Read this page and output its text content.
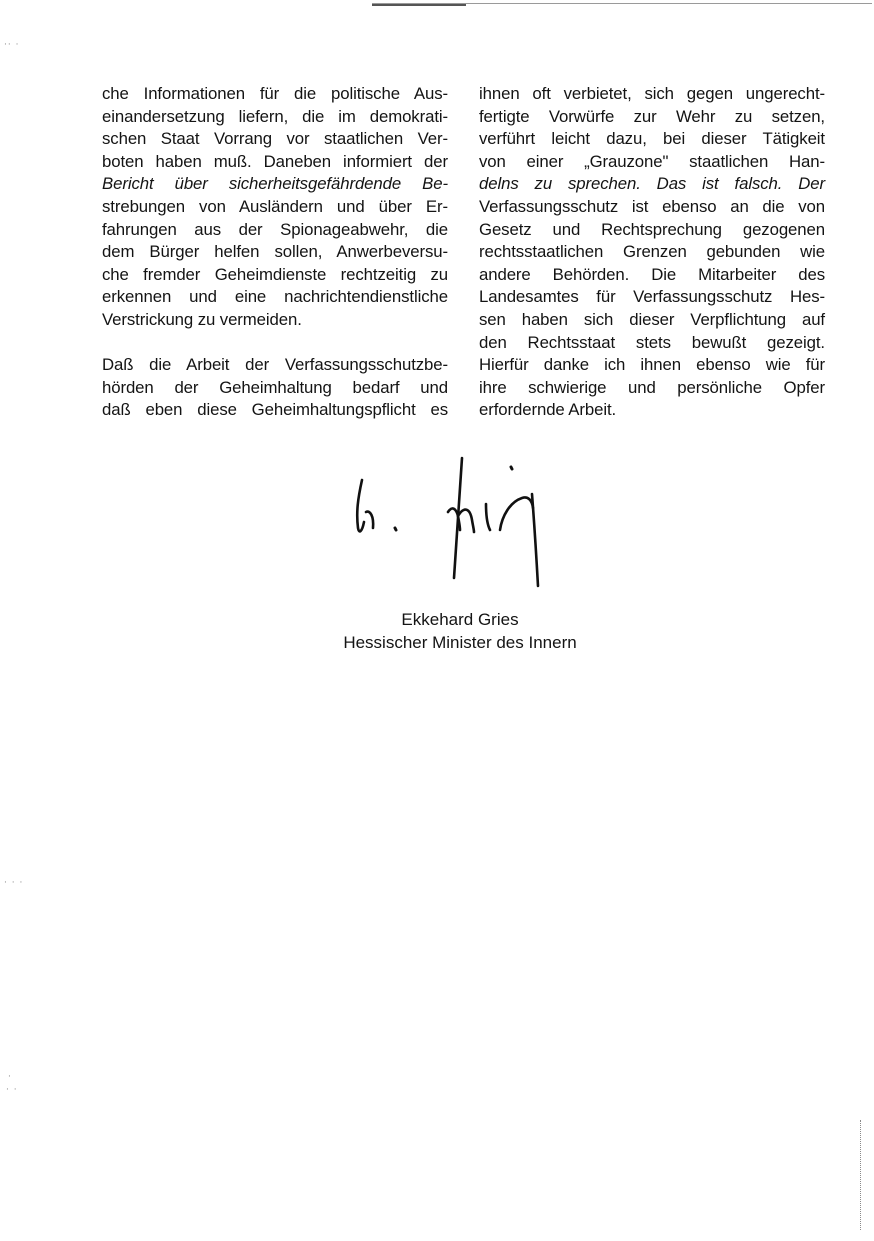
·· ·
· · ·
·
· ·
che Informationen für die politische Aus-
einandersetzung liefern, die im demokrati-
schen Staat Vorrang vor staatlichen Ver-
boten haben muß. Daneben informiert der
Bericht über sicherheitsgefährdende Be-
strebungen von Ausländern und über Er-
fahrungen aus der Spionageabwehr, die
dem Bürger helfen sollen, Anwerbeversu-
che fremder Geheimdienste rechtzeitig zu
erkennen und eine nachrichtendienstliche
Verstrickung zu vermeiden.
Daß die Arbeit der Verfassungsschutzbe-
hörden der Geheimhaltung bedarf und
daß eben diese Geheimhaltungspflicht es
ihnen oft verbietet, sich gegen ungerecht-
fertigte Vorwürfe zur Wehr zu setzen,
verführt leicht dazu, bei dieser Tätigkeit
von einer „Grauzone" staatlichen Han-
delns zu sprechen. Das ist falsch. Der
Verfassungsschutz ist ebenso an die von
Gesetz und Rechtsprechung gezogenen
rechtsstaatlichen Grenzen gebunden wie
andere Behörden. Die Mitarbeiter des
Landesamtes für Verfassungsschutz Hes-
sen haben sich dieser Verpflichtung auf
den Rechtsstaat stets bewußt gezeigt.
Hierfür danke ich ihnen ebenso wie für
ihre schwierige und persönliche Opfer
erfordernde Arbeit.
Ekkehard Gries
Hessischer Minister des Innern
